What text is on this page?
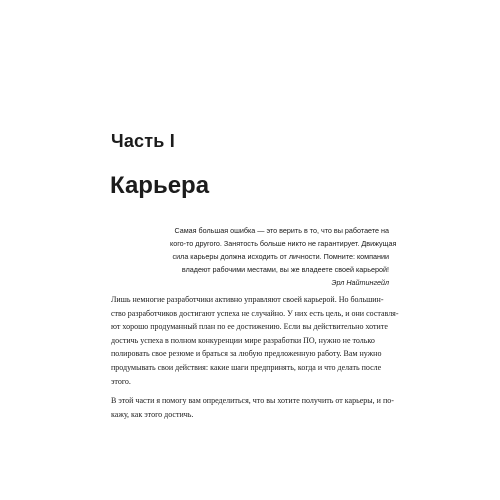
Часть I
Карьера
Самая большая ошибка — это верить в то, что вы работаете на
кого-то другого. Занятость больше никто не гарантирует. Движущая
сила карьеры должна исходить от личности. Помните: компании
владеют рабочими местами, вы же владеете своей карьерой!
Эрл Найтингейл
Лишь немногие разработчики активно управляют своей карьерой. Но большин-
ство разработчиков достигают успеха не случайно. У них есть цель, и они составля-
ют хорошо продуманный план по ее достижению. Если вы действительно хотите
достичь успеха в полном конкуренции мире разработки ПО, нужно не только
полировать свое резюме и браться за любую предложенную работу. Вам нужно
продумывать свои действия: какие шаги предпринять, когда и что делать после
этого.
В этой части я помогу вам определиться, что вы хотите получить от карьеры, и по-
кажу, как этого достичь.
